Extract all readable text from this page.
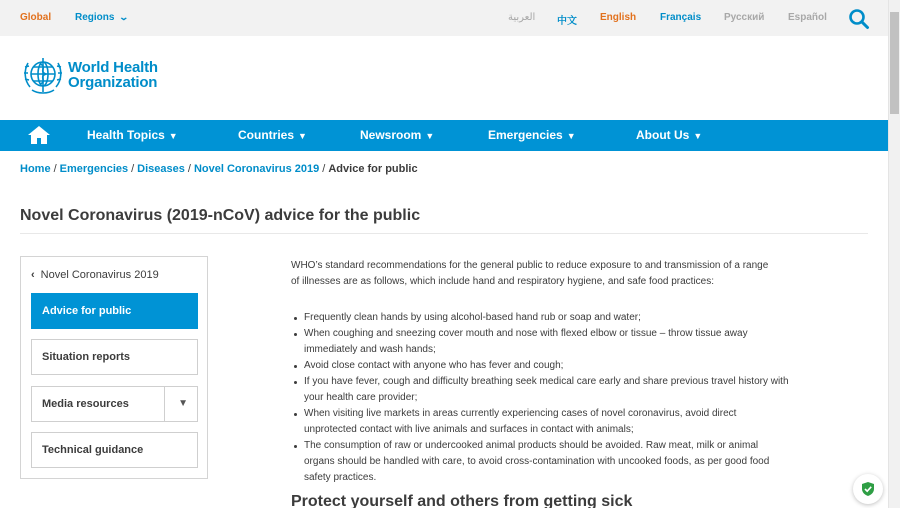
Global Regions ⌄	العربية 中文 English Français Русский Español
World Health
Organization
Health Topics ▼	Countries ▼	Newsroom ▼	Emergencies ▼	About Us ▼
Home / Emergencies / Diseases / Novel Coronavirus 2019 / Advice for public
Novel Coronavirus (2019-nCoV) advice for the public
‹ Novel Coronavirus 2019
Advice for public
Situation reports
Media resources	▼
Technical guidance

WHO’s standard recommendations for the general public to reduce exposure to and transmission of a range
of illnesses are as follows, which include hand and respiratory hygiene, and safe food practices:

Frequently clean hands by using alcohol-based hand rub or soap and water;
When coughing and sneezing cover mouth and nose with flexed elbow or tissue – throw tissue away
immediately and wash hands;
Avoid close contact with anyone who has fever and cough;
If you have fever, cough and difficulty breathing seek medical care early and share previous travel history with
your health care provider;
When visiting live markets in areas currently experiencing cases of novel coronavirus, avoid direct
unprotected contact with live animals and surfaces in contact with animals;
The consumption of raw or undercooked animal products should be avoided. Raw meat, milk or animal
organs should be handled with care, to avoid cross-contamination with uncooked foods, as per good food
safety practices.
Protect yourself and others from getting sick
